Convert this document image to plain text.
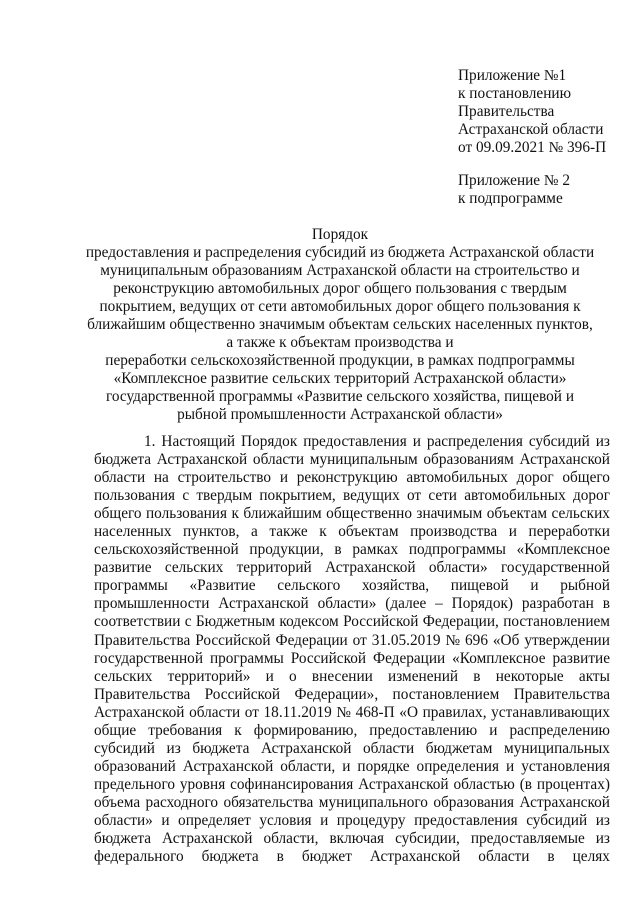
Приложение №1
к постановлению
Правительства
Астраханской области
от 09.09.2021 № 396-П
Приложение № 2
к подпрограмме
Порядок
предоставления и распределения субсидий из бюджета Астраханской области
муниципальным образованиям Астраханской области на строительство и
реконструкцию автомобильных дорог общего пользования с твердым
покрытием, ведущих от сети автомобильных дорог общего пользования к
ближайшим общественно значимым объектам сельских населенных пунктов,
а также к объектам производства и
переработки сельскохозяйственной продукции, в рамках подпрограммы
«Комплексное развитие сельских территорий Астраханской области»
государственной программы «Развитие сельского хозяйства, пищевой и
рыбной промышленности Астраханской области»
1. Настоящий Порядок предоставления и распределения субсидий из
бюджета Астраханской области муниципальным образованиям Астраханской
области на строительство и реконструкцию автомобильных дорог общего
пользования с твердым покрытием, ведущих от сети автомобильных дорог
общего пользования к ближайшим общественно значимым объектам сельских
населенных пунктов, а также к объектам производства и переработки
сельскохозяйственной продукции, в рамках подпрограммы «Комплексное
развитие сельских территорий Астраханской области» государственной
программы «Развитие сельского хозяйства, пищевой и рыбной
промышленности Астраханской области» (далее – Порядок) разработан в
соответствии с Бюджетным кодексом Российской Федерации, постановлением
Правительства Российской Федерации от 31.05.2019 № 696 «Об утверждении
государственной программы Российской Федерации «Комплексное развитие
сельских территорий» и о внесении изменений в некоторые акты
Правительства Российской Федерации», постановлением Правительства
Астраханской области от 18.11.2019 № 468-П «О правилах, устанавливающих
общие требования к формированию, предоставлению и распределению
субсидий из бюджета Астраханской области бюджетам муниципальных
образований Астраханской области, и порядке определения и установления
предельного уровня софинансирования Астраханской областью (в процентах)
объема расходного обязательства муниципального образования Астраханской
области» и определяет условия и процедуру предоставления субсидий из
бюджета Астраханской области, включая субсидии, предоставляемые из
федерального бюджета в бюджет Астраханской области в целях
